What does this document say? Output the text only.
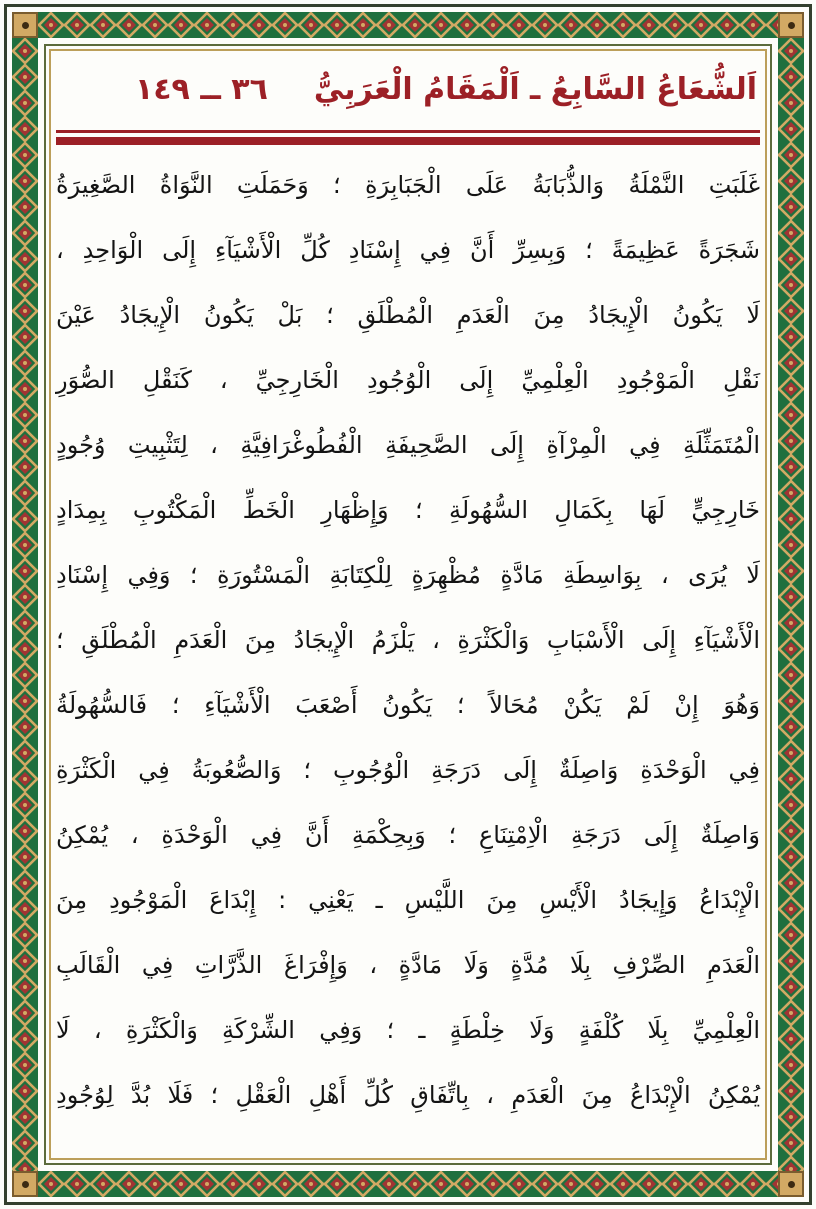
اَلشُّعَاعُ السَّابِعُ ـ اَلْمَقَامُ الْعَرَبِيُّ
٣٦ ــ ١٤٩
غَلَبَتِ النَّمْلَةُ وَالذُّبَابَةُ عَلَى الْجَبَابِرَةِ ؛ وَحَمَلَتِ النَّوَاةُ الصَّغِيرَةُ
شَجَرَةً عَظِيمَةً ؛ وَبِسِرِّ أَنَّ فِي إِسْنَادِ كُلِّ الْأَشْيَآءِ إِلَى الْوَاحِدِ ،
لَا يَكُونُ الْإِيجَادُ مِنَ الْعَدَمِ الْمُطْلَقِ ؛ بَلْ يَكُونُ الْإِيجَادُ عَيْنَ
نَقْلِ الْمَوْجُودِ الْعِلْمِيِّ إِلَى الْوُجُودِ الْخَارِجِيِّ ، كَنَقْلِ الصُّوَرِ
الْمُتَمَثِّلَةِ فِي الْمِرْآةِ إِلَى الصَّحِيفَةِ الْفُطُوغْرَافِيَّةِ ، لِتَثْبِيتِ وُجُودٍ
خَارِجِيٍّ لَهَا بِكَمَالِ السُّهُولَةِ ؛ وَإِظْهَارِ الْخَطِّ الْمَكْتُوبِ بِمِدَادٍ
لَا يُرَى ، بِوَاسِطَةِ مَادَّةٍ مُظْهِرَةٍ لِلْكِتَابَةِ الْمَسْتُورَةِ ؛ وَفِي إِسْنَادِ
الْأَشْيَآءِ إِلَى الْأَسْبَابِ وَالْكَثْرَةِ ، يَلْزَمُ الْإِيجَادُ مِنَ الْعَدَمِ الْمُطْلَقِ ؛
وَهُوَ إِنْ لَمْ يَكُنْ مُحَالاً ؛ يَكُونُ أَصْعَبَ الْأَشْيَآءِ ؛ فَالسُّهُولَةُ
فِي الْوَحْدَةِ وَاصِلَةٌ إِلَى دَرَجَةِ الْوُجُوبِ ؛ وَالصُّعُوبَةُ فِي الْكَثْرَةِ
وَاصِلَةٌ إِلَى دَرَجَةِ الْاِمْتِنَاعِ ؛ وَبِحِكْمَةِ أَنَّ فِي الْوَحْدَةِ ، يُمْكِنُ
الْإِبْدَاعُ وَإِيجَادُ الْأَيْسِ مِنَ اللَّيْسِ ـ يَعْنِي : إِبْدَاعَ الْمَوْجُودِ مِنَ
الْعَدَمِ الصِّرْفِ بِلَا مُدَّةٍ وَلَا مَادَّةٍ ، وَإِفْرَاغَ الذَّرَّاتِ فِي الْقَالَبِ
الْعِلْمِيِّ بِلَا كُلْفَةٍ وَلَا خِلْطَةٍ ـ ؛ وَفِي الشِّرْكَةِ وَالْكَثْرَةِ ، لَا
يُمْكِنُ الْإِبْدَاعُ مِنَ الْعَدَمِ ، بِاتِّفَاقِ كُلِّ أَهْلِ الْعَقْلِ ؛ فَلَا بُدَّ لِوُجُودِ
